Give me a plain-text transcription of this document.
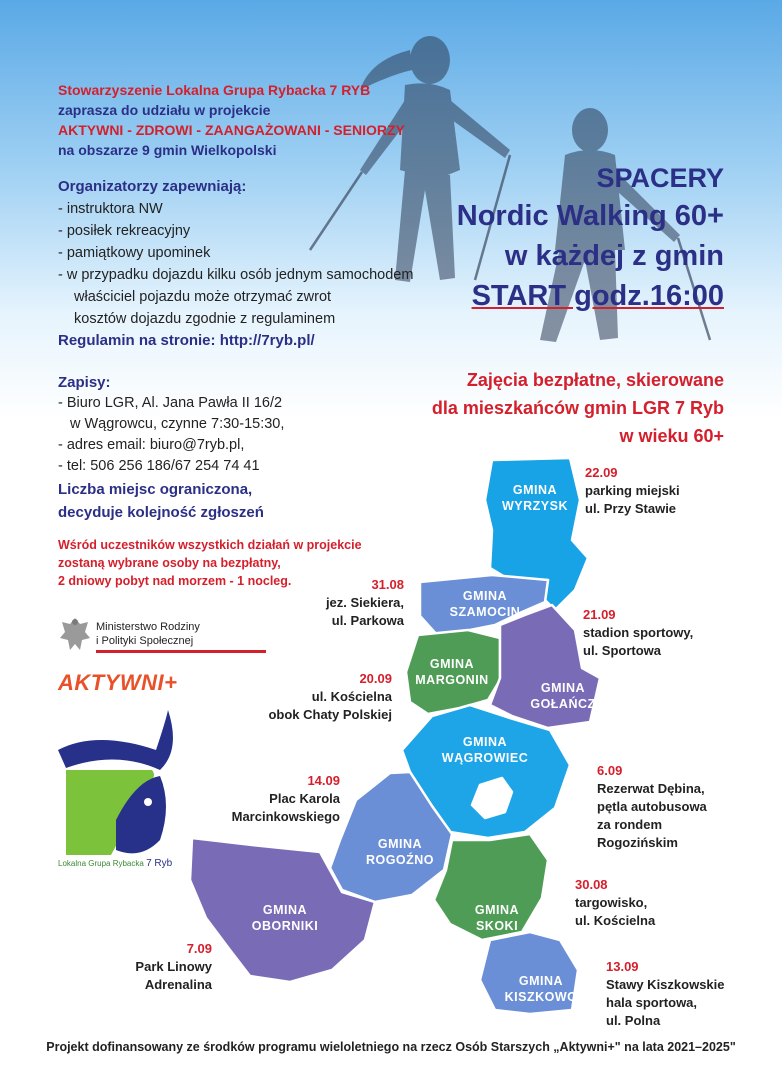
Stowarzyszenie Lokalna Grupa Rybacka 7 RYB
zaprasza do udziału w projekcie
AKTYWNI - ZDROWI - ZAANGAŻOWANI - SENIORZY
na obszarze 9 gmin Wielkopolski
Organizatorzy zapewniają:
- instruktora NW
- posiłek rekreacyjny
- pamiątkowy upominek
- w przypadku dojazdu kilku osób jednym samochodem
właściciel pojazdu może otrzymać zwrot
kosztów dojazdu zgodnie z regulaminem
Regulamin na stronie: http://7ryb.pl/
SPACERY
Nordic Walking 60+
w każdej z gmin
START godz.16:00
Zajęcia bezpłatne, skierowane
dla mieszkańców gmin LGR 7 Ryb
w wieku 60+
Zapisy:
- Biuro LGR, Al. Jana Pawła II 16/2
w Wągrowcu, czynne 7:30-15:30,
- adres email: biuro@7ryb.pl,
- tel: 506 256 186/67 254 74 41
Liczba miejsc ograniczona,
decyduje kolejność zgłoszeń
Wśród uczestników wszystkich działań w projekcie
zostaną wybrane osoby na bezpłatny,
2 dniowy pobyt nad morzem - 1 nocleg.
Ministerstwo Rodziny
i Polityki Społecznej
AKTYWNI+
Lokalna Grupa Rybacka 7 Ryb
GMINA
WYRZYSK
GMINA
SZAMOCIN
GMINA
MARGONIN
GMINA
GOŁAŃCZ
GMINA
WĄGROWIEC
GMINA
ROGOŹNO
GMINA
OBORNIKI
GMINA
SKOKI
GMINA
KISZKOWO
22.09
parking miejski
ul. Przy Stawie
31.08
jez. Siekiera,
ul. Parkowa	21.09
stadion sportowy,
ul. Sportowa
20.09
ul. Kościelna
obok Chaty Polskiej
6.09
Rezerwat Dębina,
pętla autobusowa
za rondem
Rogozińskim
14.09
Plac Karola
Marcinkowskiego
30.08
targowisko,
ul. Kościelna
7.09
Park Linowy
Adrenalina
13.09
Stawy Kiszkowskie
hala sportowa,
ul. Polna
Projekt dofinansowany ze środków programu wieloletniego na rzecz Osób Starszych „Aktywni+" na lata 2021–2025"
